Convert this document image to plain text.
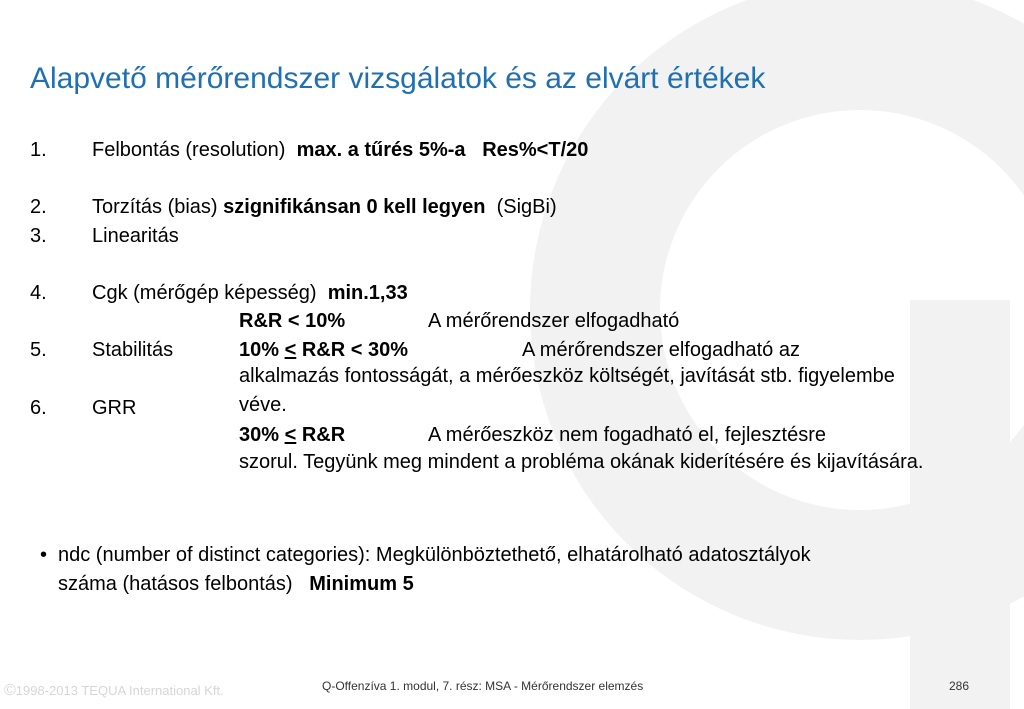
Alapvető mérőrendszer vizsgálatok és az elvárt értékek
1. Felbontás (resolution) max. a tűrés 5%-a   Res%<T/20
2. Torzítás (bias) szignifikánsan 0 kell legyen (SigBi)
3. Linearitás
4. Cgk (mérőgép képesség) min.1,33
5. Stabilitás
6. GRR
R&R < 10%	A mérőrendszer elfogadható
10% < R&R < 30%	A mérőrendszer elfogadható az
alkalmazás fontosságát, a mérőeszköz költségét, javítását stb. figyelembe véve.
30% < R&R	A mérőeszköz nem fogadható el, fejlesztésre
szorul. Tegyünk meg mindent a probléma okának kiderítésére és kijavítására.
• ndc (number of distinct categories): Megkülönböztethető, elhatárolható adatosztályok száma (hatásos felbontás) Minimum 5
©1998-2013 TEQUA International Kft.	Q-Offenzíva 1. modul, 7. rész: MSA - Mérőrendszer elemzés	286
